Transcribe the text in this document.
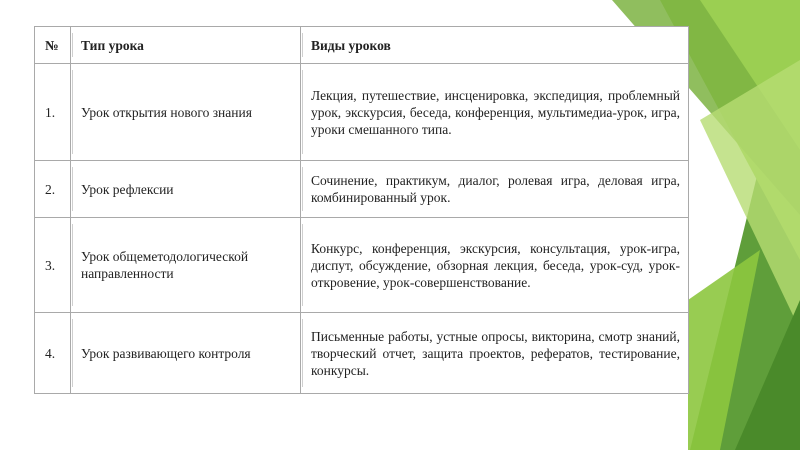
№	Тип урока	Виды уроков
1.	Урок открытия нового знания	Лекция, путешествие, инсценировка, экспедиция, проблемный урок, экскурсия, беседа, конференция, мультимедиа-урок, игра, уроки смешанного типа.
2.	Урок рефлексии	Сочинение, практикум, диалог, ролевая игра, деловая игра, комбинированный урок.
3.	Урок общеметодологической направленности	Конкурс, конференция, экскурсия, консультация, урок-игра, диспут, обсуждение, обзорная лекция, беседа, урок-суд, урок-откровение, урок-совершенствование.
4.	Урок развивающего контроля	Письменные работы, устные опросы, викторина, смотр знаний, творческий отчет, защита проектов, рефератов, тестирование, конкурсы.
